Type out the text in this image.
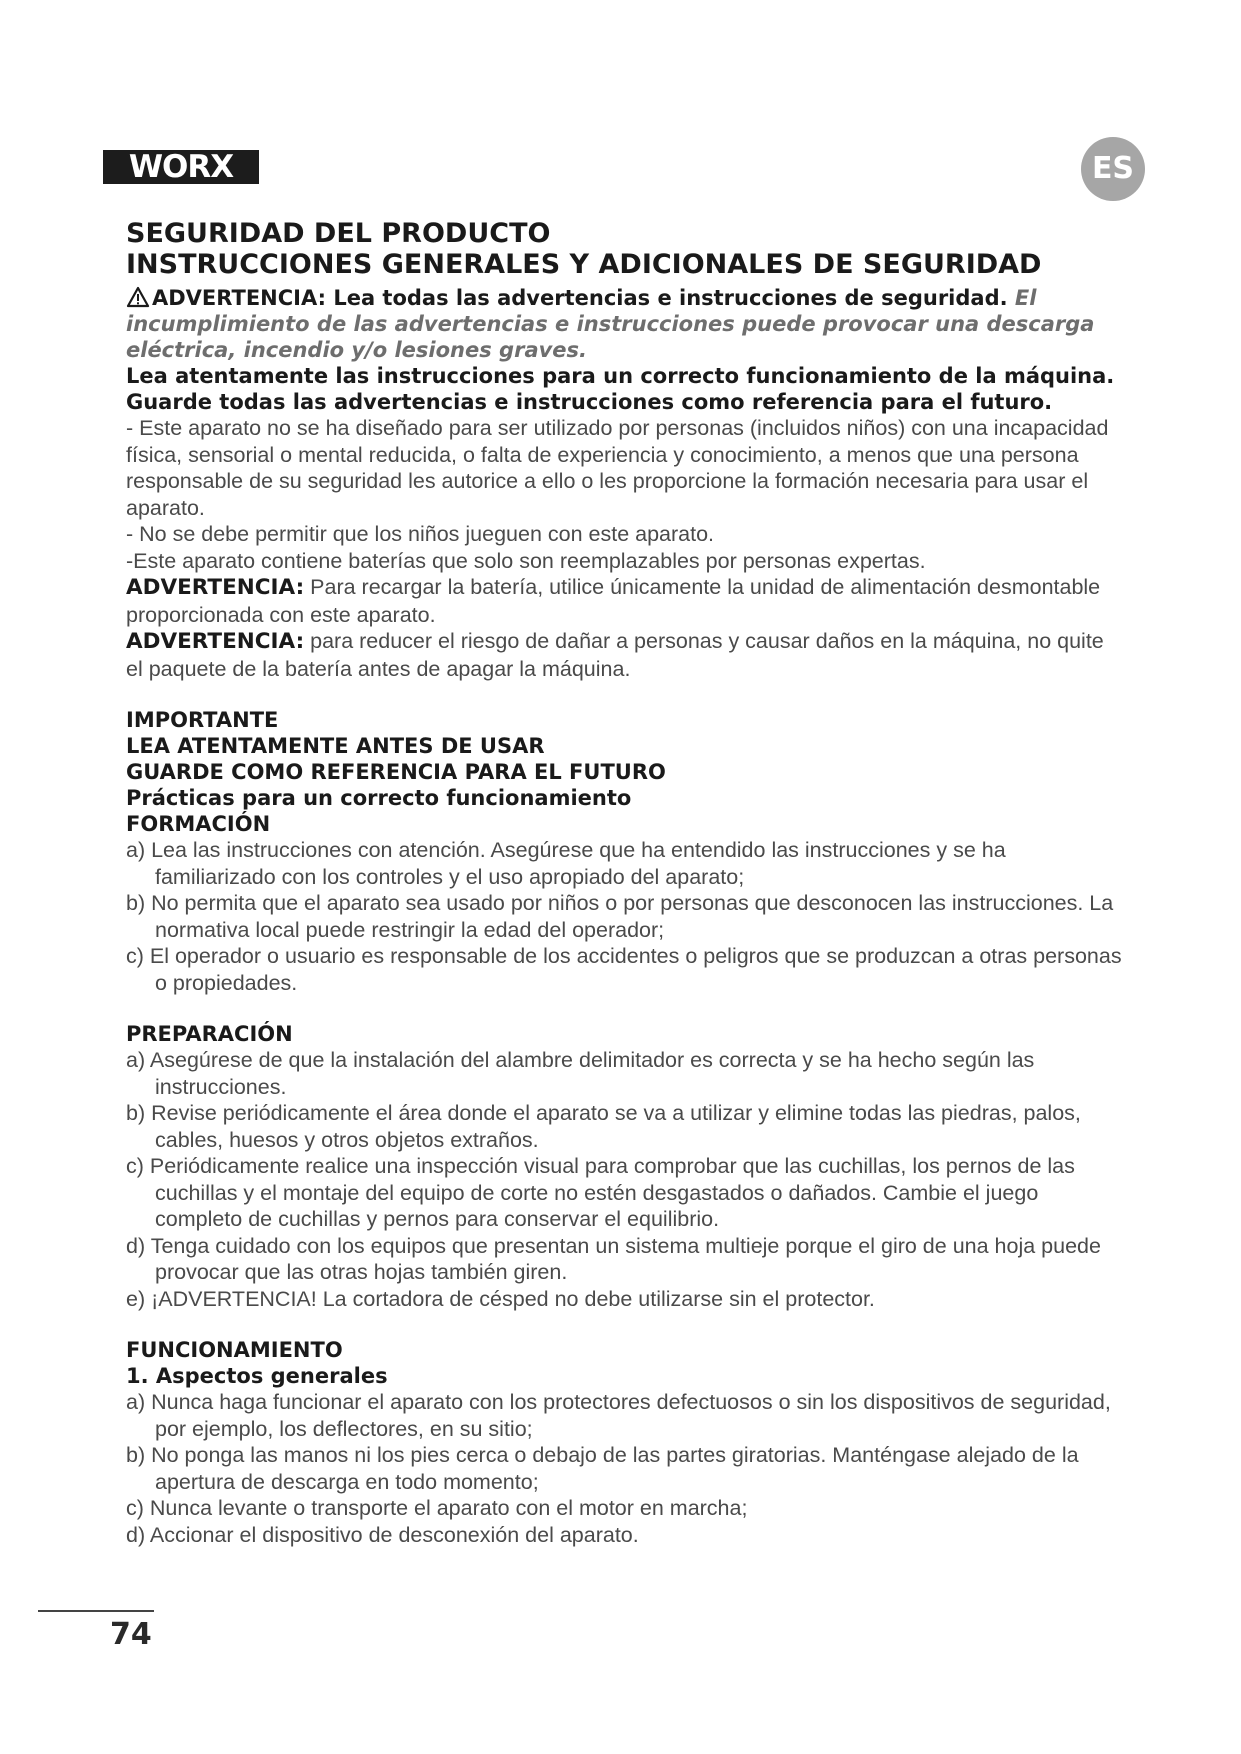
WORX	ES
SEGURIDAD DEL PRODUCTO
INSTRUCCIONES GENERALES Y ADICIONALES DE SEGURIDAD

ADVERTENCIA: Lea todas las advertencias e instrucciones de seguridad. El incumplimiento de las advertencias e instrucciones puede provocar una descarga eléctrica, incendio y/o lesiones graves.

Lea atentamente las instrucciones para un correcto funcionamiento de la máquina.

Guarde todas las advertencias e instrucciones como referencia para el futuro.

- Este aparato no se ha diseñado para ser utilizado por personas (incluidos niños) con una incapacidad física, sensorial o mental reducida, o falta de experiencia y conocimiento, a menos que una persona responsable de su seguridad les autorice a ello o les proporcione la formación necesaria para usar el aparato.

- No se debe permitir que los niños jueguen con este aparato.

-Este aparato contiene baterías que solo son reemplazables por personas expertas.

ADVERTENCIA: Para recargar la batería, utilice únicamente la unidad de alimentación desmontable proporcionada con este aparato.

ADVERTENCIA: para reducer el riesgo de dañar a personas y causar daños en la máquina, no quite el paquete de la batería antes de apagar la máquina.

IMPORTANTE

LEA ATENTAMENTE ANTES DE USAR

GUARDE COMO REFERENCIA PARA EL FUTURO

Prácticas para un correcto funcionamiento

FORMACIÓN

a) Lea las instrucciones con atención. Asegúrese que ha entendido las instrucciones y se ha familiarizado con los controles y el uso apropiado del aparato;

b) No permita que el aparato sea usado por niños o por personas que desconocen las instrucciones. La normativa local puede restringir la edad del operador;

c) El operador o usuario es responsable de los accidentes o peligros que se produzcan a otras personas o propiedades.

PREPARACIÓN

a) Asegúrese de que la instalación del alambre delimitador es correcta y se ha hecho según las instrucciones.

b) Revise periódicamente el área donde el aparato se va a utilizar y elimine todas las piedras, palos, cables, huesos y otros objetos extraños.

c) Periódicamente realice una inspección visual para comprobar que las cuchillas, los pernos de las cuchillas y el montaje del equipo de corte no estén desgastados o dañados. Cambie el juego completo de cuchillas y pernos para conservar el equilibrio.

d) Tenga cuidado con los equipos que presentan un sistema multieje porque el giro de una hoja puede provocar que las otras hojas también giren.

e) ¡ADVERTENCIA! La cortadora de césped no debe utilizarse sin el protector.

FUNCIONAMIENTO

1. Aspectos generales

a) Nunca haga funcionar el aparato con los protectores defectuosos o sin los dispositivos de seguridad, por ejemplo, los deflectores, en su sitio;

b) No ponga las manos ni los pies cerca o debajo de las partes giratorias. Manténgase alejado de la apertura de descarga en todo momento;

c) Nunca levante o transporte el aparato con el motor en marcha;

d) Accionar el dispositivo de desconexión del aparato.

74
